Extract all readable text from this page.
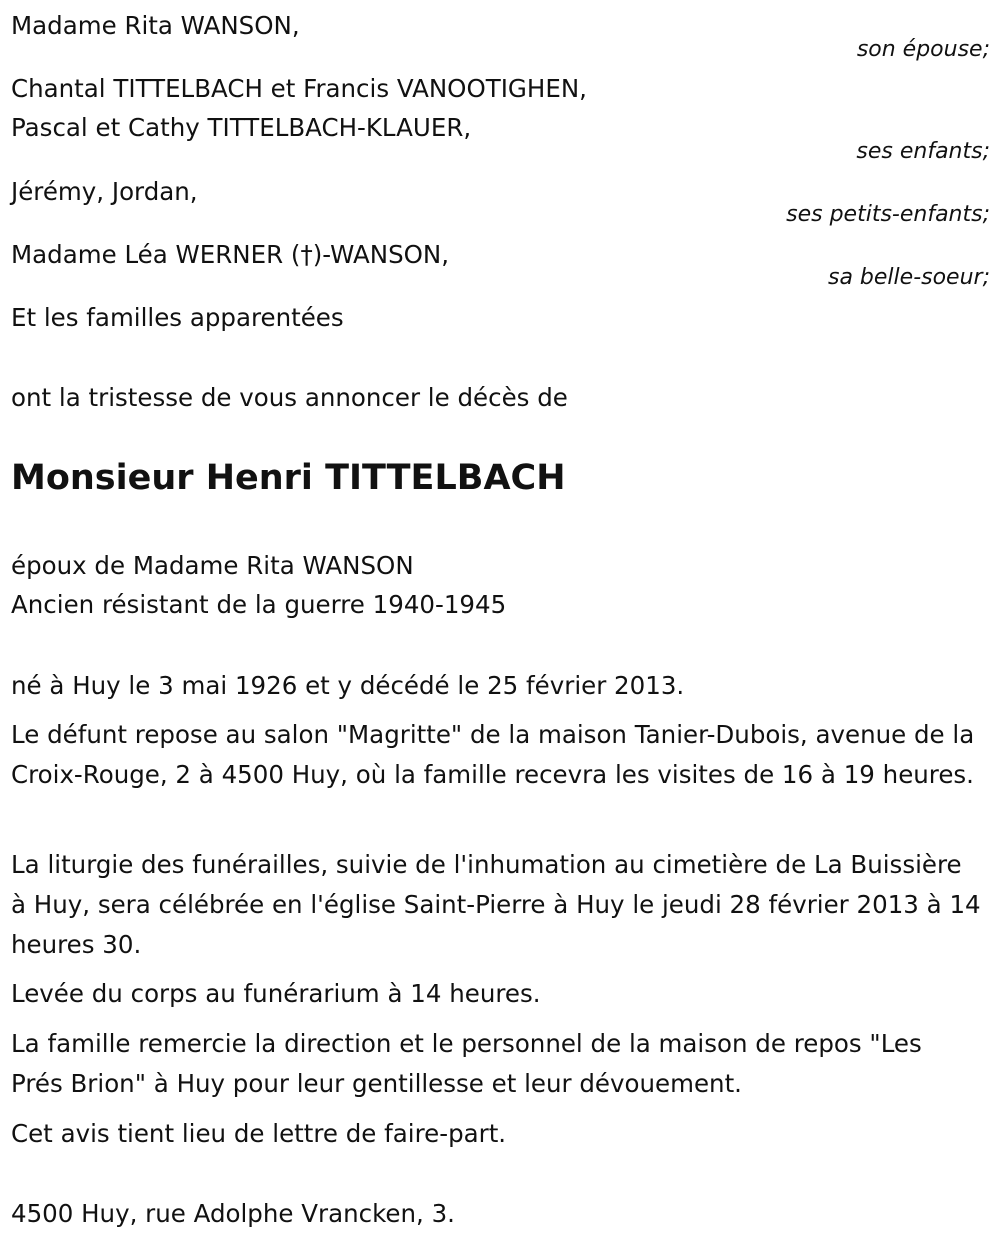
Madame Rita WANSON,
son épouse;
Chantal TITTELBACH et Francis VANOOTIGHEN,
Pascal et Cathy TITTELBACH-KLAUER,
ses enfants;
Jérémy, Jordan,
ses petits-enfants;
Madame Léa WERNER (†)-WANSON,
sa belle-soeur;
Et les familles apparentées
ont la tristesse de vous annoncer le décès de
Monsieur Henri TITTELBACH
époux de Madame Rita WANSON
Ancien résistant de la guerre 1940-1945
né à Huy le 3 mai 1926 et y décédé le 25 février 2013.
Le défunt repose au salon "Magritte" de la maison Tanier-Dubois, avenue de la Croix-Rouge, 2 à 4500 Huy, où la famille recevra les visites de 16 à 19 heures.
La liturgie des funérailles, suivie de l'inhumation au cimetière de La Buissière à Huy, sera célébrée en l'église Saint-Pierre à Huy le jeudi 28 février 2013 à 14 heures 30.
Levée du corps au funérarium à 14 heures.
La famille remercie la direction et le personnel de la maison de repos "Les Prés Brion" à Huy pour leur gentillesse et leur dévouement.
Cet avis tient lieu de lettre de faire-part.
4500 Huy, rue Adolphe Vrancken, 3.
